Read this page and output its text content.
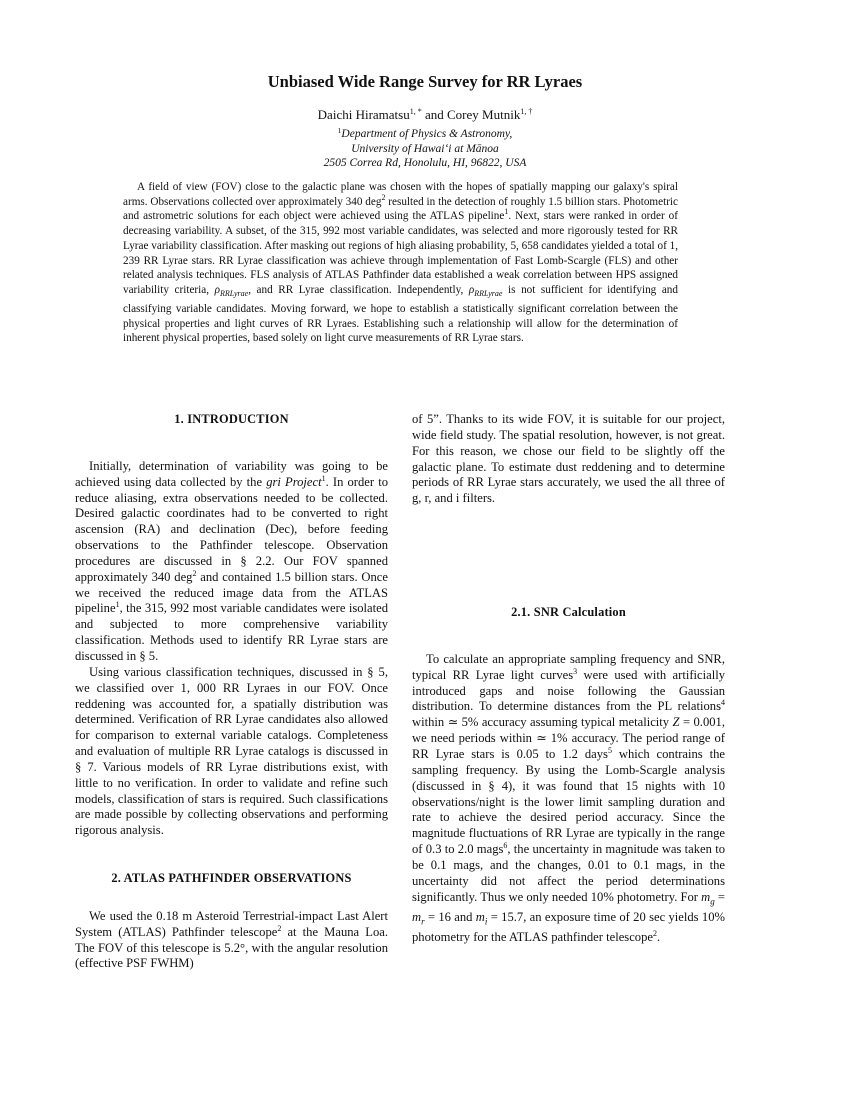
Unbiased Wide Range Survey for RR Lyraes
Daichi Hiramatsu$^{1, *}$ and Corey Mutnik$^{1, \dagger}$
$^1$Department of Physics & Astronomy,
University of Hawai‘i at Mānoa
2505 Correa Rd, Honolulu, HI, 96822, USA

A field of view (FOV) close to the galactic plane was chosen with the hopes of spatially mapping our galaxy's spiral arms. Observations collected over approximately 340 deg$^2$ resulted in the detection of roughly 1.5 billion stars. Photometric and astrometric solutions for each object were achieved using the ATLAS pipeline$^1$. Next, stars were ranked in order of decreasing variability. A subset, of the 315, 992 most variable candidates, was selected and more rigorously tested for RR Lyrae variability classification. After masking out regions of high aliasing probability, 5, 658 candidates yielded a total of 1, 239 RR Lyrae stars. RR Lyrae classification was achieve through implementation of Fast Lomb-Scargle (FLS) and other related analysis techniques. FLS analysis of ATLAS Pathfinder data established a weak correlation between HPS assigned variability criteria, $\rho_{RRLyrae}$, and RR Lyrae classification. Independently, $\rho_{RRLyrae}$ is not sufficient for identifying and classifying variable candidates. Moving forward, we hope to establish a statistically significant correlation between the physical properties and light curves of RR Lyraes. Establishing such a relationship will allow for the determination of inherent physical properties, based solely on light curve measurements of RR Lyrae stars.

1. INTRODUCTION

Initially, determination of variability was going to be achieved using data collected by the gri Project$^1$. In order to reduce aliasing, extra observations needed to be collected. Desired galactic coordinates had to be converted to right ascension (RA) and declination (Dec), before feeding observations to the Pathfinder telescope. Observation procedures are discussed in § 2.2. Our FOV spanned approximately 340 deg$^2$ and contained 1.5 billion stars. Once we received the reduced image data from the ATLAS pipeline$^1$, the 315, 992 most variable candidates were isolated and subjected to more comprehensive variability classification. Methods used to identify RR Lyrae stars are discussed in § 5.

Using various classification techniques, discussed in § 5, we classified over 1, 000 RR Lyraes in our FOV. Once reddening was accounted for, a spatially distribution was determined. Verification of RR Lyrae candidates also allowed for comparison to external variable catalogs. Completeness and evaluation of multiple RR Lyrae catalogs is discussed in § 7. Various models of RR Lyrae distributions exist, with little to no verification. In order to validate and refine such models, classification of stars is required. Such classifications are made possible by collecting observations and performing rigorous analysis.

2. ATLAS PATHFINDER OBSERVATIONS

We used the 0.18 m Asteroid Terrestrial-impact Last Alert System (ATLAS) Pathfinder telescope$^2$ at the Mauna Loa. The FOV of this telescope is 5.2°, with the angular resolution (effective PSF FWHM)

of 5”. Thanks to its wide FOV, it is suitable for our project, wide field study. The spatial resolution, however, is not great. For this reason, we chose our field to be slightly off the galactic plane. To estimate dust reddening and to determine periods of RR Lyrae stars accurately, we used the all three of g, r, and i filters.

2.1. SNR Calculation

To calculate an appropriate sampling frequency and SNR, typical RR Lyrae light curves$^3$ were used with artificially introduced gaps and noise following the Gaussian distribution. To determine distances from the PL relations$^4$ within ≃ 5% accuracy assuming typical metalicity Z = 0.001, we need periods within ≃ 1% accuracy. The period range of RR Lyrae stars is 0.05 to 1.2 days$^5$ which contrains the sampling frequency. By using the Lomb-Scargle analysis (discussed in § 4), it was found that 15 nights with 10 observations/night is the lower limit sampling duration and rate to achieve the desired period accuracy. Since the magnitude fluctuations of RR Lyrae are typically in the range of 0.3 to 2.0 mags$^6$, the uncertainty in magnitude was taken to be 0.1 mags, and the changes, 0.01 to 0.1 mags, in the uncertainty did not affect the period determinations significantly. Thus we only needed 10% photometry. For $m_g = m_r = 16$ and $m_i = 15.7$, an exposure time of 20 sec yields 10% photometry for the ATLAS pathfinder telescope$^2$.
